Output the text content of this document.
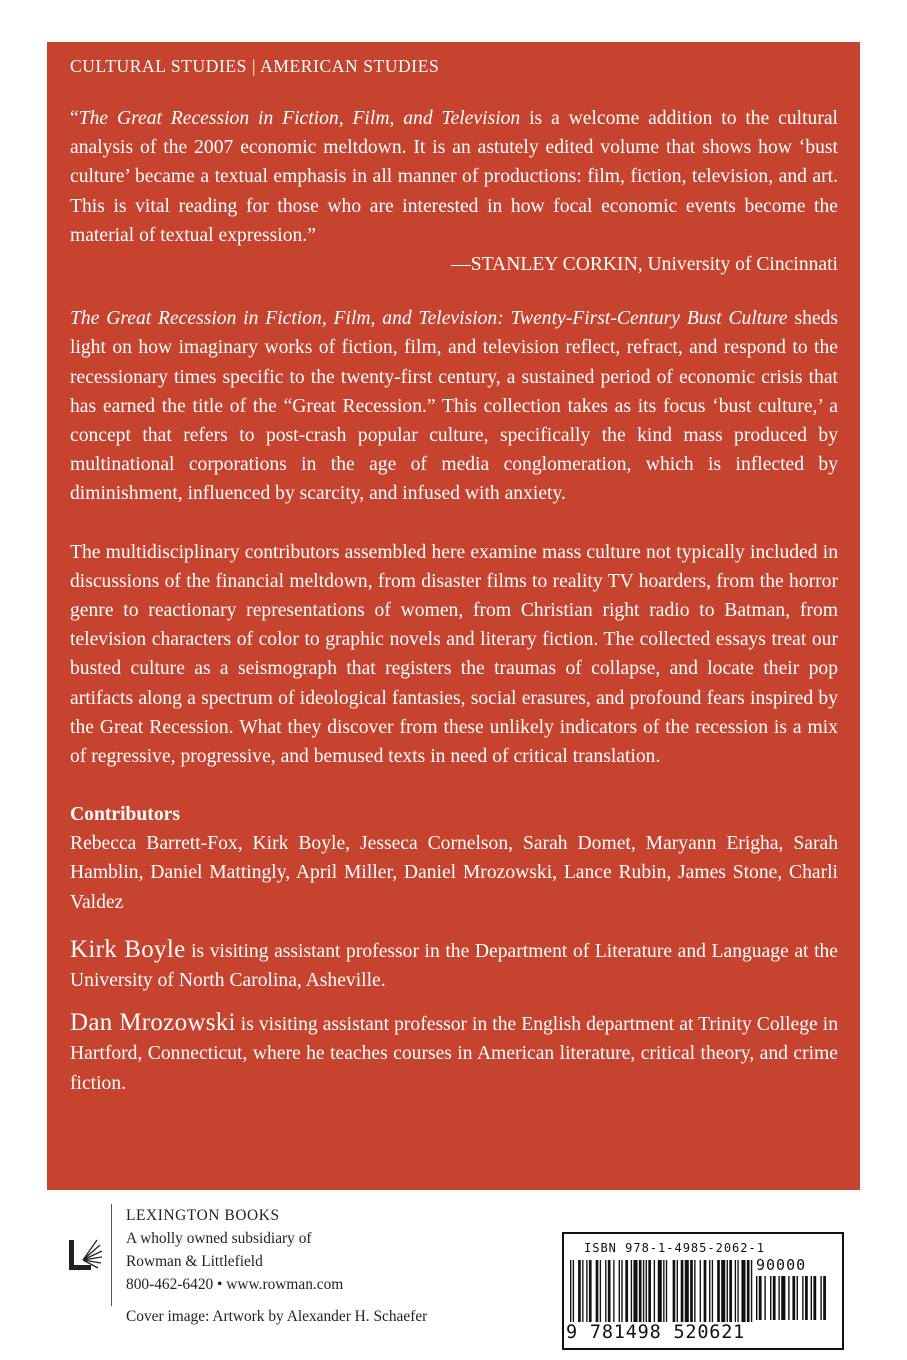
CULTURAL STUDIES | AMERICAN STUDIES

“The Great Recession in Fiction, Film, and Television is a welcome addition to the cultural analysis of the 2007 economic meltdown. It is an astutely edited volume that shows how ‘bust culture’ became a textual emphasis in all manner of productions: film, fiction, television, and art. This is vital reading for those who are interested in how focal economic events become the material of textual expression.”

—STANLEY CORKIN, University of Cincinnati

The Great Recession in Fiction, Film, and Television: Twenty-First-Century Bust Culture sheds light on how imaginary works of fiction, film, and television reflect, refract, and respond to the recessionary times specific to the twenty-first century, a sustained period of economic crisis that has earned the title of the “Great Recession.” This collection takes as its focus ‘bust culture,’ a concept that refers to post-crash popular culture, specifically the kind mass produced by multinational corporations in the age of media conglomeration, which is inflected by diminishment, influenced by scarcity, and infused with anxiety.

The multidisciplinary contributors assembled here examine mass culture not typically included in discussions of the financial meltdown, from disaster films to reality TV hoarders, from the horror genre to reactionary representations of women, from Christian right radio to Batman, from television characters of color to graphic novels and literary fiction. The collected essays treat our busted culture as a seismograph that registers the traumas of collapse, and locate their pop artifacts along a spectrum of ideological fantasies, social erasures, and profound fears inspired by the Great Recession. What they discover from these unlikely indicators of the recession is a mix of regressive, progressive, and bemused texts in need of critical translation.

Contributors

Rebecca Barrett-Fox, Kirk Boyle, Jesseca Cornelson, Sarah Domet, Maryann Erigha, Sarah Hamblin, Daniel Mattingly, April Miller, Daniel Mrozowski, Lance Rubin, James Stone, Charli Valdez

Kirk Boyle is visiting assistant professor in the Department of Literature and Language at the University of North Carolina, Asheville.

Dan Mrozowski is visiting assistant professor in the English department at Trinity College in Hartford, Connecticut, where he teaches courses in American literature, critical theory, and crime fiction.

LEXINGTON BOOKS
A wholly owned subsidiary of
Rowman & Littlefield
800-462-6420 • www.rowman.com
Cover image: Artwork by Alexander H. Schaefer
ISBN 978-1-4985-2062-1
90000
9 781498 520621
